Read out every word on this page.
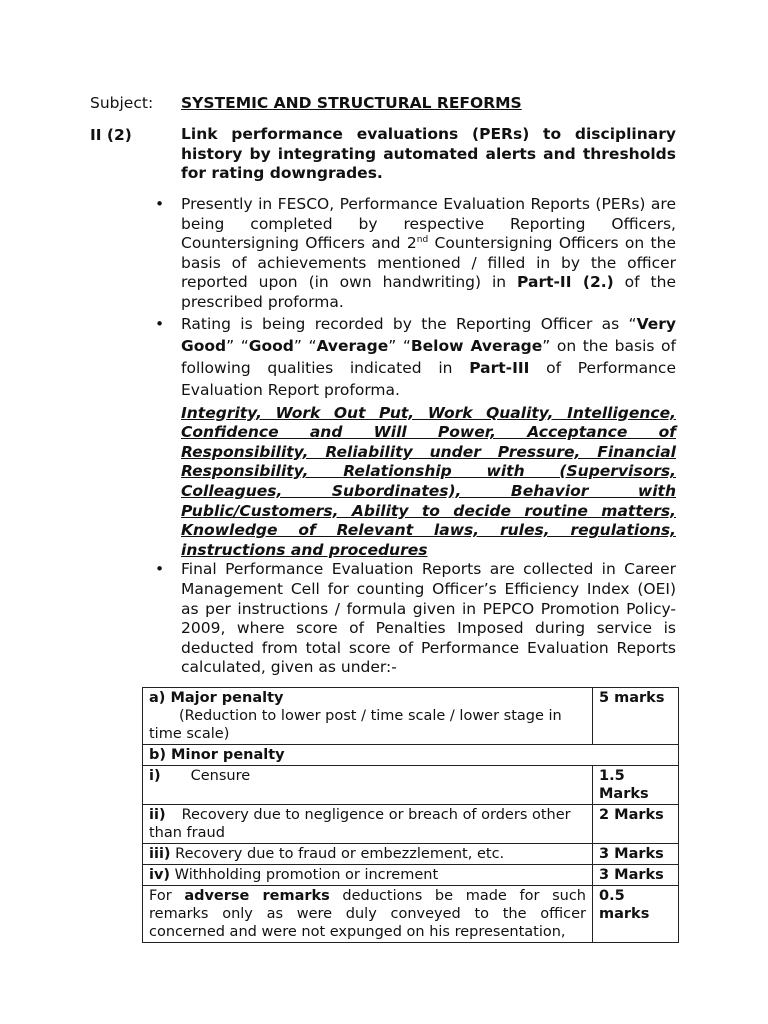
Subject: SYSTEMIC AND STRUCTURAL REFORMS
II (2)	Link performance evaluations (PERs) to disciplinary history by integrating automated alerts and thresholds for rating downgrades.
• Presently in FESCO, Performance Evaluation Reports (PERs) are being completed by respective Reporting Officers, Countersigning Officers and 2nd Countersigning Officers on the basis of achievements mentioned / filled in by the officer reported upon (in own handwriting) in Part-II (2.) of the prescribed proforma.
• Rating is being recorded by the Reporting Officer as “Very Good” “Good” “Average” “Below Average” on the basis of following qualities indicated in Part-III of Performance Evaluation Report proforma.
Integrity, Work Out Put, Work Quality, Intelligence, Confidence and Will Power, Acceptance of Responsibility, Reliability under Pressure, Financial Responsibility, Relationship with (Supervisors, Colleagues, Subordinates), Behavior with Public/Customers, Ability to decide routine matters, Knowledge of Relevant laws, rules, regulations, instructions and procedures
• Final Performance Evaluation Reports are collected in Career Management Cell for counting Officer’s Efficiency Index (OEI) as per instructions / formula given in PEPCO Promotion Policy-2009, where score of Penalties Imposed during service is deducted from total score of Performance Evaluation Reports calculated, given as under:-
a) Major penalty
(Reduction to lower post / time scale / lower stage in time scale)	5 marks
b) Minor penalty	
i) Censure	1.5 Marks
ii) Recovery due to negligence or breach of orders other than fraud	2 Marks
iii) Recovery due to fraud or embezzlement, etc.	3 Marks
iv) Withholding promotion or increment	3 Marks
For adverse remarks deductions be made for such remarks only as were duly conveyed to the officer concerned and were not expunged on his representation,	0.5 marks
